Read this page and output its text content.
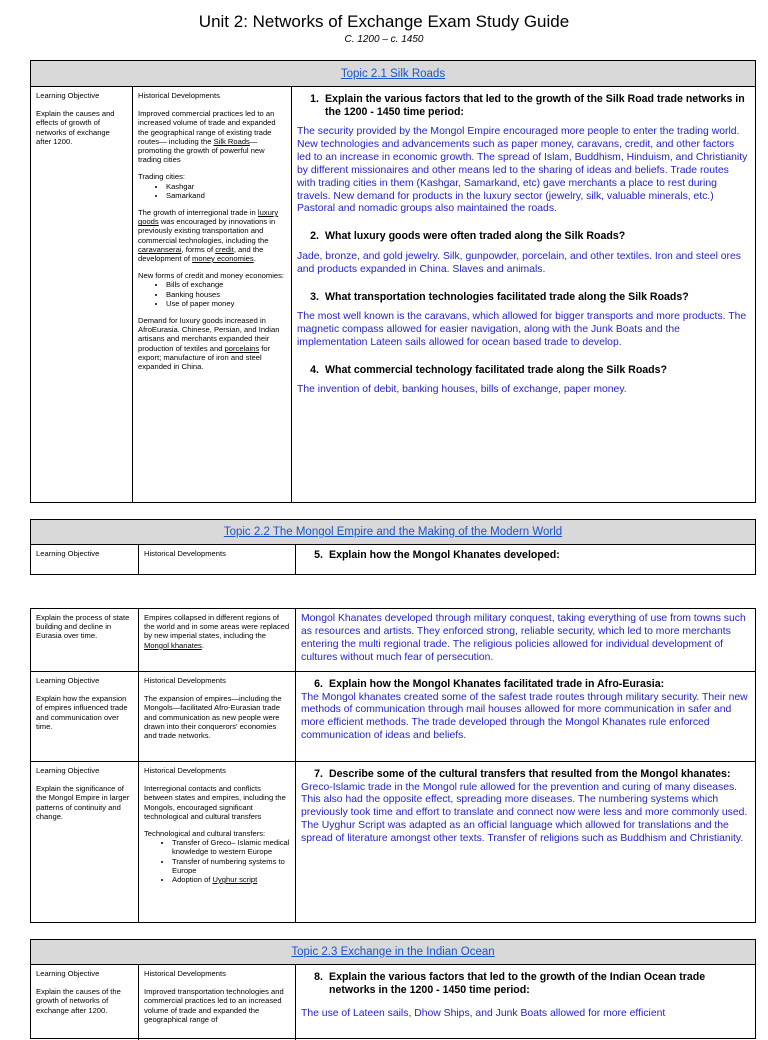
Unit 2: Networks of Exchange Exam Study Guide
C. 1200 – c. 1450
Topic 2.1 Silk Roads
Learning Objective
Explain the causes and effects of growth of networks of exchange after 1200.
Historical Developments

Improved commercial practices led to an increased volume of trade and expanded the geographical range of existing trade routes— including the Silk Roads—promoting the growth of powerful new trading cities

Trading cities:
• Kashgar
• Samarkand

The growth of interregional trade in luxury goods was encouraged by innovations in previously existing transportation and commercial technologies, including the caravanserai, forms of credit, and the development of money economies.

New forms of credit and money economies:
• Bills of exchange
• Banking houses
• Use of paper money

Demand for luxury goods increased in AfroEurasia. Chinese, Persian, and Indian artisans and merchants expanded their production of textiles and porcelains for export; manufacture of iron and steel expanded in China.

1. Explain the various factors that led to the growth of the Silk Road trade networks in the 1200 - 1450 time period:
The security provided by the Mongol Empire encouraged more people to enter the trading world. New technologies and advancements such as paper money, caravans, credit, and other factors led to an increase in economic growth. The spread of Islam, Buddhism, Hinduism, and Christianity by different missionaires and other means led to the sharing of ideas and beliefs. Trade routes with trading cities in them (Kashgar, Samarkand, etc) gave merchants a place to rest during travels. New demand for products in the luxury sector (jewelry, silk, valuable minerals, etc.) Pastoral and nomadic groups also maintained the roads.
2. What luxury goods were often traded along the Silk Roads?
Jade, bronze, and gold jewelry. Silk, gunpowder, porcelain, and other textiles. Iron and steel ores and products expanded in China. Slaves and animals.
3. What transportation technologies facilitated trade along the Silk Roads?
The most well known is the caravans, which allowed for bigger transports and more products. The magnetic compass allowed for easier navigation, along with the Junk Boats and the implementation Lateen sails allowed for ocean based trade to develop.
4. What commercial technology facilitated trade along the Silk Roads?
The invention of debit, banking houses, bills of exchange, paper money.
Topic 2.2 The Mongol Empire and the Making of the Modern World
Learning Objective	Historical Developments	5. Explain how the Mongol Khanates developed:
Explain the process of state building and decline in Eurasia over time.
Empires collapsed in different regions of the world and in some areas were replaced by new imperial states, including the Mongol khanates.
Mongol Khanates developed through military conquest, taking everything of use from towns such as resources and artists. They enforced strong, reliable security, which led to more merchants entering the multi regional trade. The religious policies allowed for individual development of cultures without much fear of persecution.
Learning Objective
Explain how the expansion of empires influenced trade and communication over time.
Historical Developments
The expansion of empires—including the Mongols—facilitated Afro-Eurasian trade and communication as new people were drawn into their conquerors' economies and trade networks.
6. Explain how the Mongol Khanates facilitated trade in Afro-Eurasia:
The Mongol khanates created some of the safest trade routes through military security. Their new methods of communication through mail houses allowed for more communication in safer and more efficient methods. The trade developed through the Mongol Khanates rule enforced communication of ideas and beliefs.
Learning Objective
Explain the significance of the Mongol Empire in larger patterns of continuity and change.
Historical Developments

Interregional contacts and conflicts between states and empires, including the Mongols, encouraged significant technological and cultural transfers

Technological and cultural transfers:
• Transfer of Greco– Islamic medical knowledge to western Europe
• Transfer of numbering systems to Europe
• Adoption of Uyghur script
7. Describe some of the cultural transfers that resulted from the Mongol khanates:
Greco-Islamic trade in the Mongol rule allowed for the prevention and curing of many diseases. This also had the opposite effect, spreading more diseases. The numbering systems which previously took time and effort to translate and connect now were less and more commonly used. The Uyghur Script was adapted as an official language which allowed for translations and the spread of literature amongst other texts. Transfer of religions such as Buddhism and Christianity.
Topic 2.3 Exchange in the Indian Ocean
Learning Objective
Explain the causes of the growth of networks of exchange after 1200.
Historical Developments
Improved transportation technologies and commercial practices led to an increased volume of trade and expanded the geographical range of
8. Explain the various factors that led to the growth of the Indian Ocean trade networks in the 1200 - 1450 time period:
The use of Lateen sails, Dhow Ships, and Junk Boats allowed for more efficient
